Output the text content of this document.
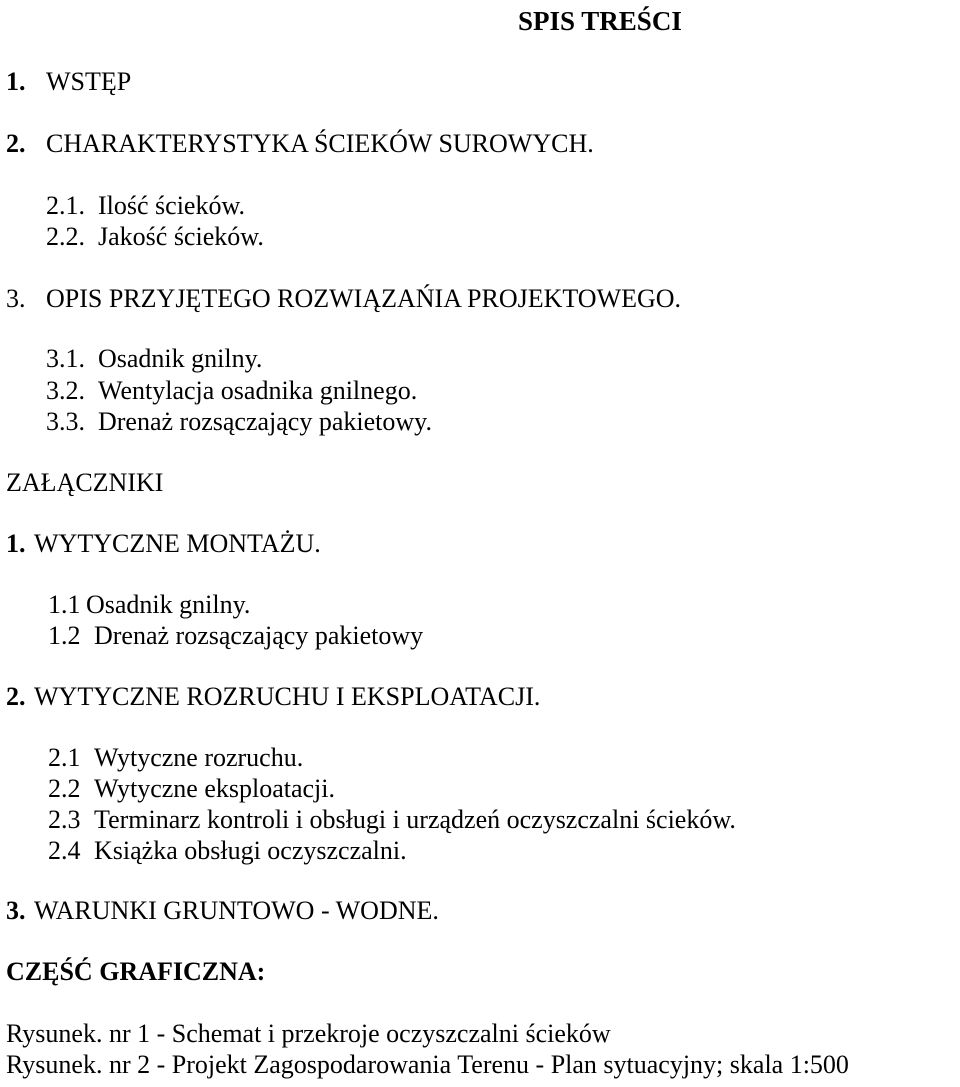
SPIS TREŚCI
1. WSTĘP
2. CHARAKTERYSTYKA ŚCIEKÓW SUROWYCH.
2.1. Ilość ścieków.
2.2. Jakość ścieków.
3. OPIS PRZYJĘTEGO ROZWIĄZAŃIA PROJEKTOWEGO.
3.1. Osadnik gnilny.
3.2. Wentylacja osadnika gnilnego.
3.3. Drenaż rozsączający pakietowy.
ZAŁĄCZNIKI
1. WYTYCZNE MONTAŻU.
1.1 Osadnik gnilny.
1.2 Drenaż rozsączający pakietowy
2. WYTYCZNE ROZRUCHU I EKSPLOATACJI.
2.1 Wytyczne rozruchu.
2.2 Wytyczne eksploatacji.
2.3 Terminarz kontroli i obsługi i urządzeń oczyszczalni ścieków.
2.4 Książka obsługi oczyszczalni.
3. WARUNKI GRUNTOWO - WODNE.
CZĘŚĆ GRAFICZNA:
Rysunek. nr 1 - Schemat i przekroje oczyszczalni ścieków
Rysunek. nr 2 - Projekt Zagospodarowania Terenu - Plan sytuacyjny; skala 1:500
